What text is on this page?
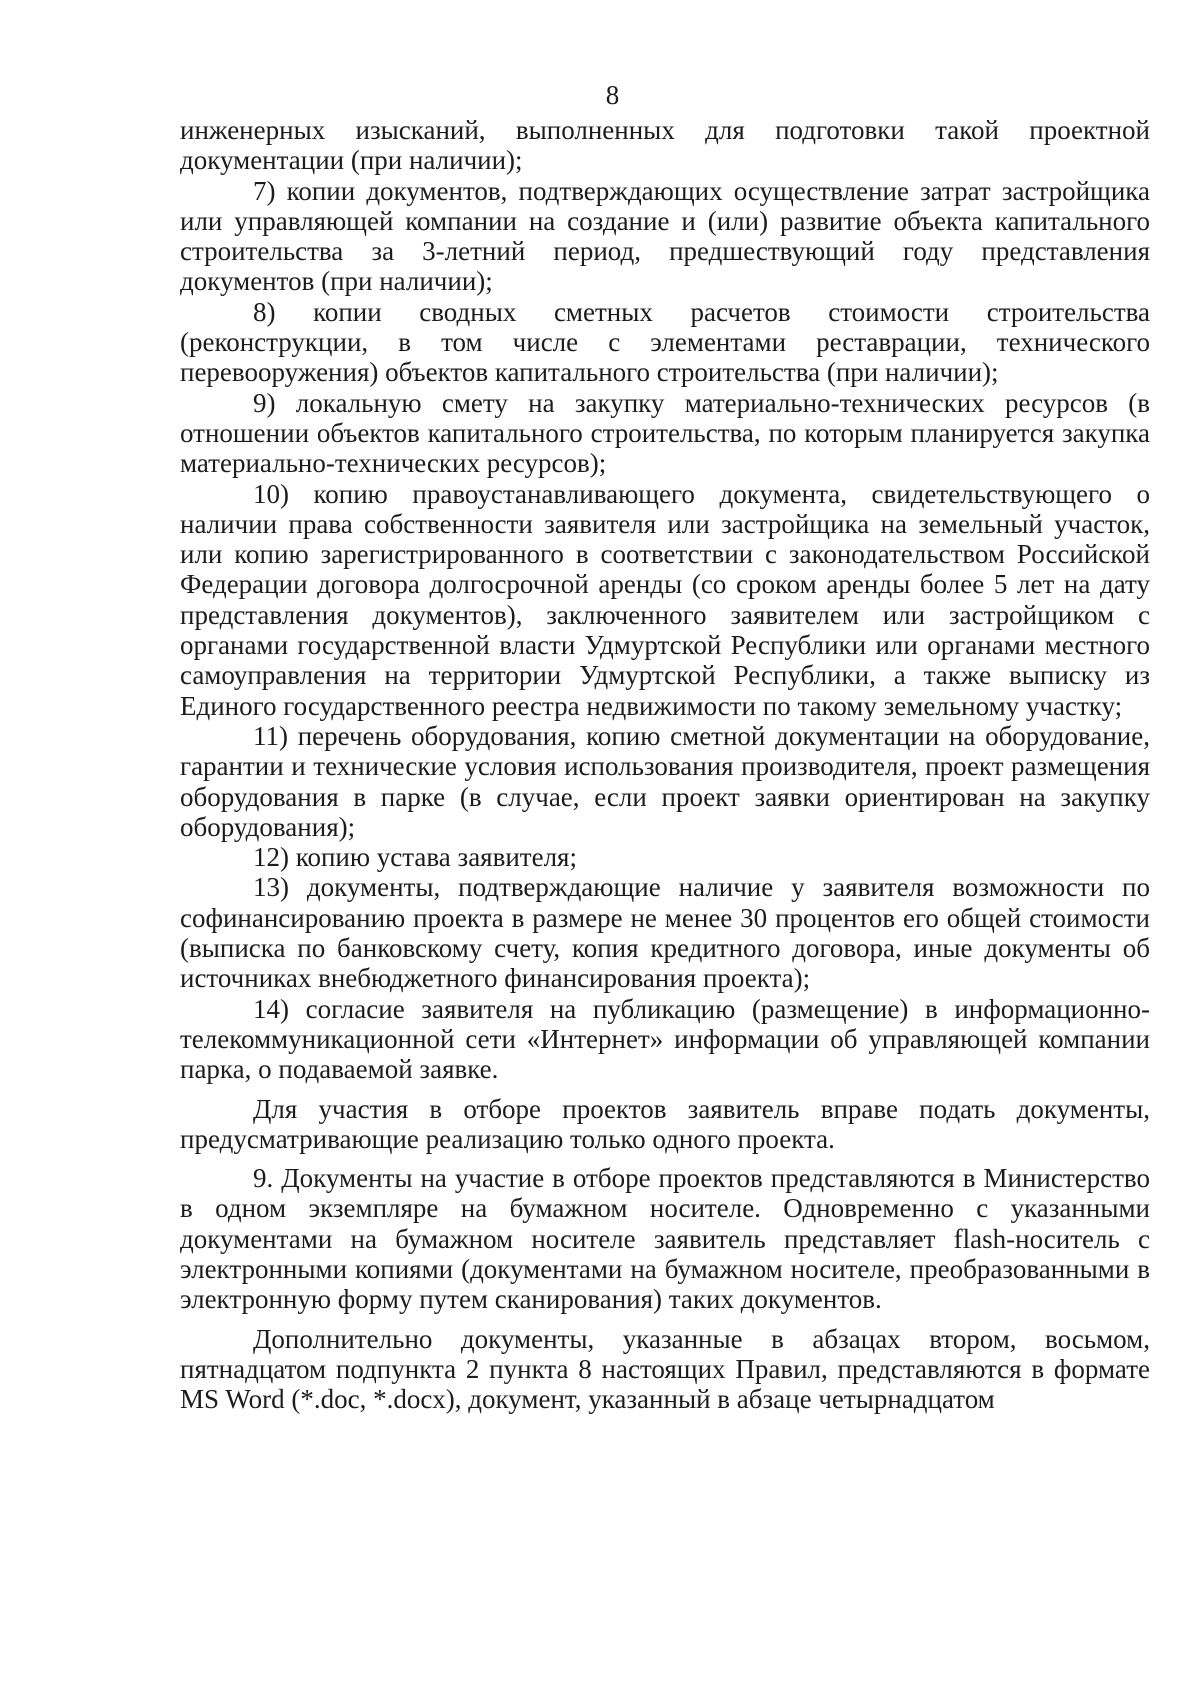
8

инженерных изысканий, выполненных для подготовки такой проектной документации (при наличии);

7) копии документов, подтверждающих осуществление затрат застройщика или управляющей компании на создание и (или) развитие объекта капитального строительства за 3-летний период, предшествующий году представления документов (при наличии);

8) копии сводных сметных расчетов стоимости строительства (реконструкции, в том числе с элементами реставрации, технического перевооружения) объектов капитального строительства (при наличии);

9) локальную смету на закупку материально-технических ресурсов (в отношении объектов капитального строительства, по которым планируется закупка материально-технических ресурсов);

10) копию правоустанавливающего документа, свидетельствующего о наличии права собственности заявителя или застройщика на земельный участок, или копию зарегистрированного в соответствии с законодательством Российской Федерации договора долгосрочной аренды (со сроком аренды более 5 лет на дату представления документов), заключенного заявителем или застройщиком с органами государственной власти Удмуртской Республики или органами местного самоуправления на территории Удмуртской Республики, а также выписку из Единого государственного реестра недвижимости по такому земельному участку;

11) перечень оборудования, копию сметной документации на оборудование, гарантии и технические условия использования производителя, проект размещения оборудования в парке (в случае, если проект заявки ориентирован на закупку оборудования);

12) копию устава заявителя;

13) документы, подтверждающие наличие у заявителя возможности по софинансированию проекта в размере не менее 30 процентов его общей стоимости (выписка по банковскому счету, копия кредитного договора, иные документы об источниках внебюджетного финансирования проекта);

14) согласие заявителя на публикацию (размещение) в информационно-телекоммуникационной сети «Интернет» информации об управляющей компании парка, о подаваемой заявке.

Для участия в отборе проектов заявитель вправе подать документы, предусматривающие реализацию только одного проекта.

9. Документы на участие в отборе проектов представляются в Министерство в одном экземпляре на бумажном носителе. Одновременно с указанными документами на бумажном носителе заявитель представляет flash-носитель с электронными копиями (документами на бумажном носителе, преобразованными в электронную форму путем сканирования) таких документов.

Дополнительно документы, указанные в абзацах втором, восьмом, пятнадцатом подпункта 2 пункта 8 настоящих Правил, представляются в формате MS Word (*.doc, *.docx), документ, указанный в абзаце четырнадцатом
